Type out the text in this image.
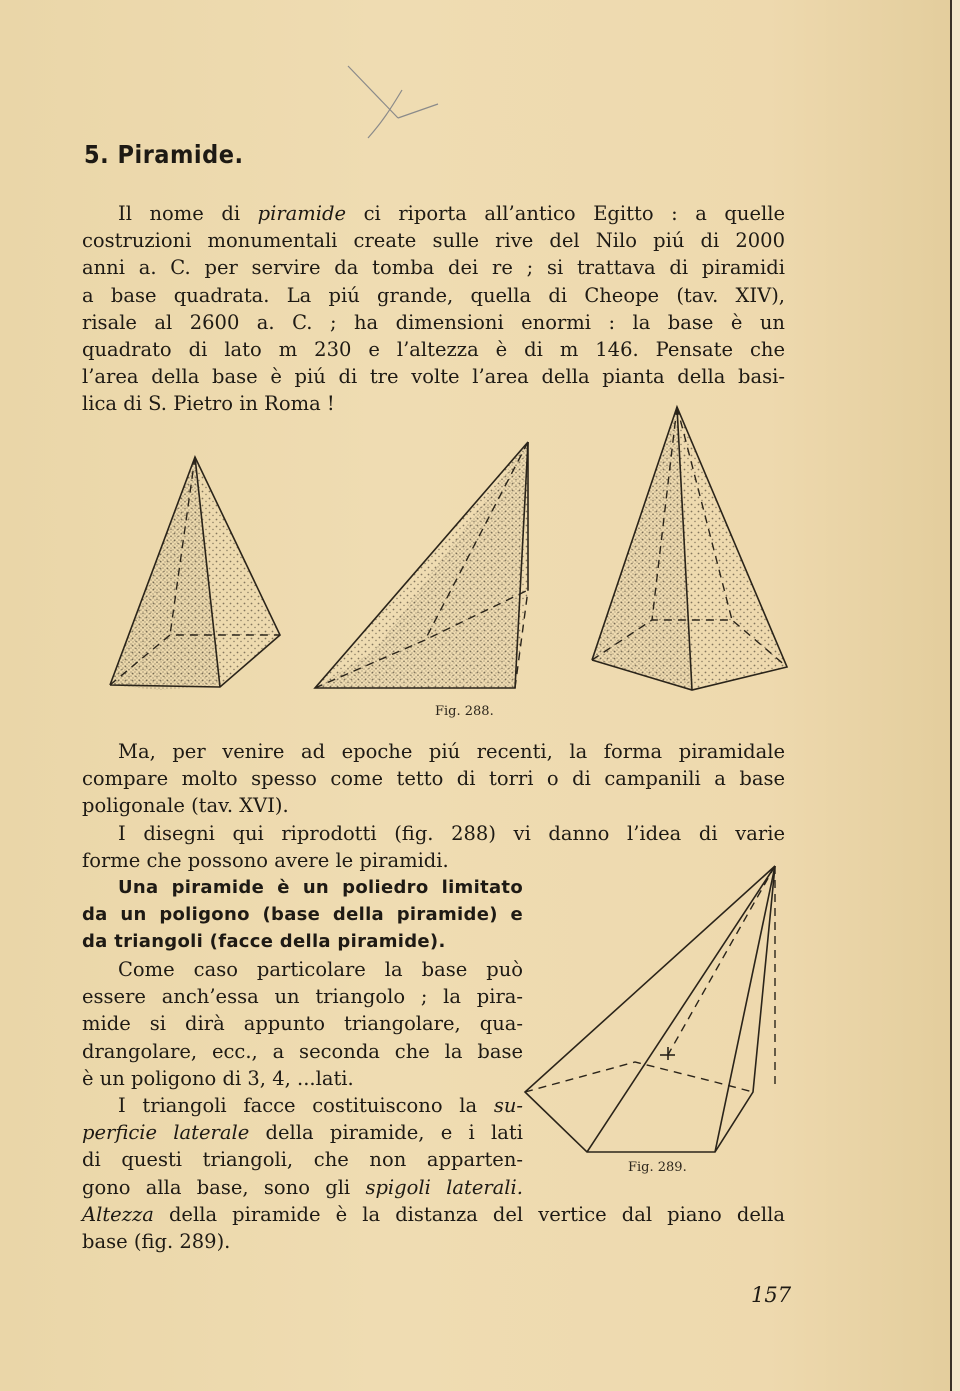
5. Piramide.
Il nome di piramide ci riporta all’antico Egitto : a quelle
costruzioni monumentali create sulle rive del Nilo piú di 2000
anni a. C. per servire da tomba dei re ; si trattava di piramidi
a base quadrata. La piú grande, quella di Cheope (tav. XIV),
risale al 2600 a. C. ; ha dimensioni enormi : la base è un
quadrato di lato m 230 e l’altezza è di m 146. Pensate che
l’area della base è piú di tre volte l’area della pianta della basi-
lica di S. Pietro in Roma !
Fig. 288.
Ma, per venire ad epoche piú recenti, la forma piramidale
compare molto spesso come tetto di torri o di campanili a base
poligonale (tav. XVI).
I disegni qui riprodotti (fig. 288) vi danno l’idea di varie
forme che possono avere le piramidi.
Una piramide è un poliedro limitato
da un poligono (base della piramide) e
da triangoli (facce della piramide).
Come caso particolare la base può
essere anch’essa un triangolo ; la pira-
mide si dirà appunto triangolare, qua-
drangolare, ecc., a seconda che la base
è un poligono di 3, 4, ...lati.
I triangoli facce costituiscono la su-
perficie laterale della piramide, e i lati
di questi triangoli, che non apparten-
gono alla base, sono gli spigoli laterali.
Altezza della piramide è la distanza del vertice dal piano della
base (fig. 289).
Fig. 289.
157
